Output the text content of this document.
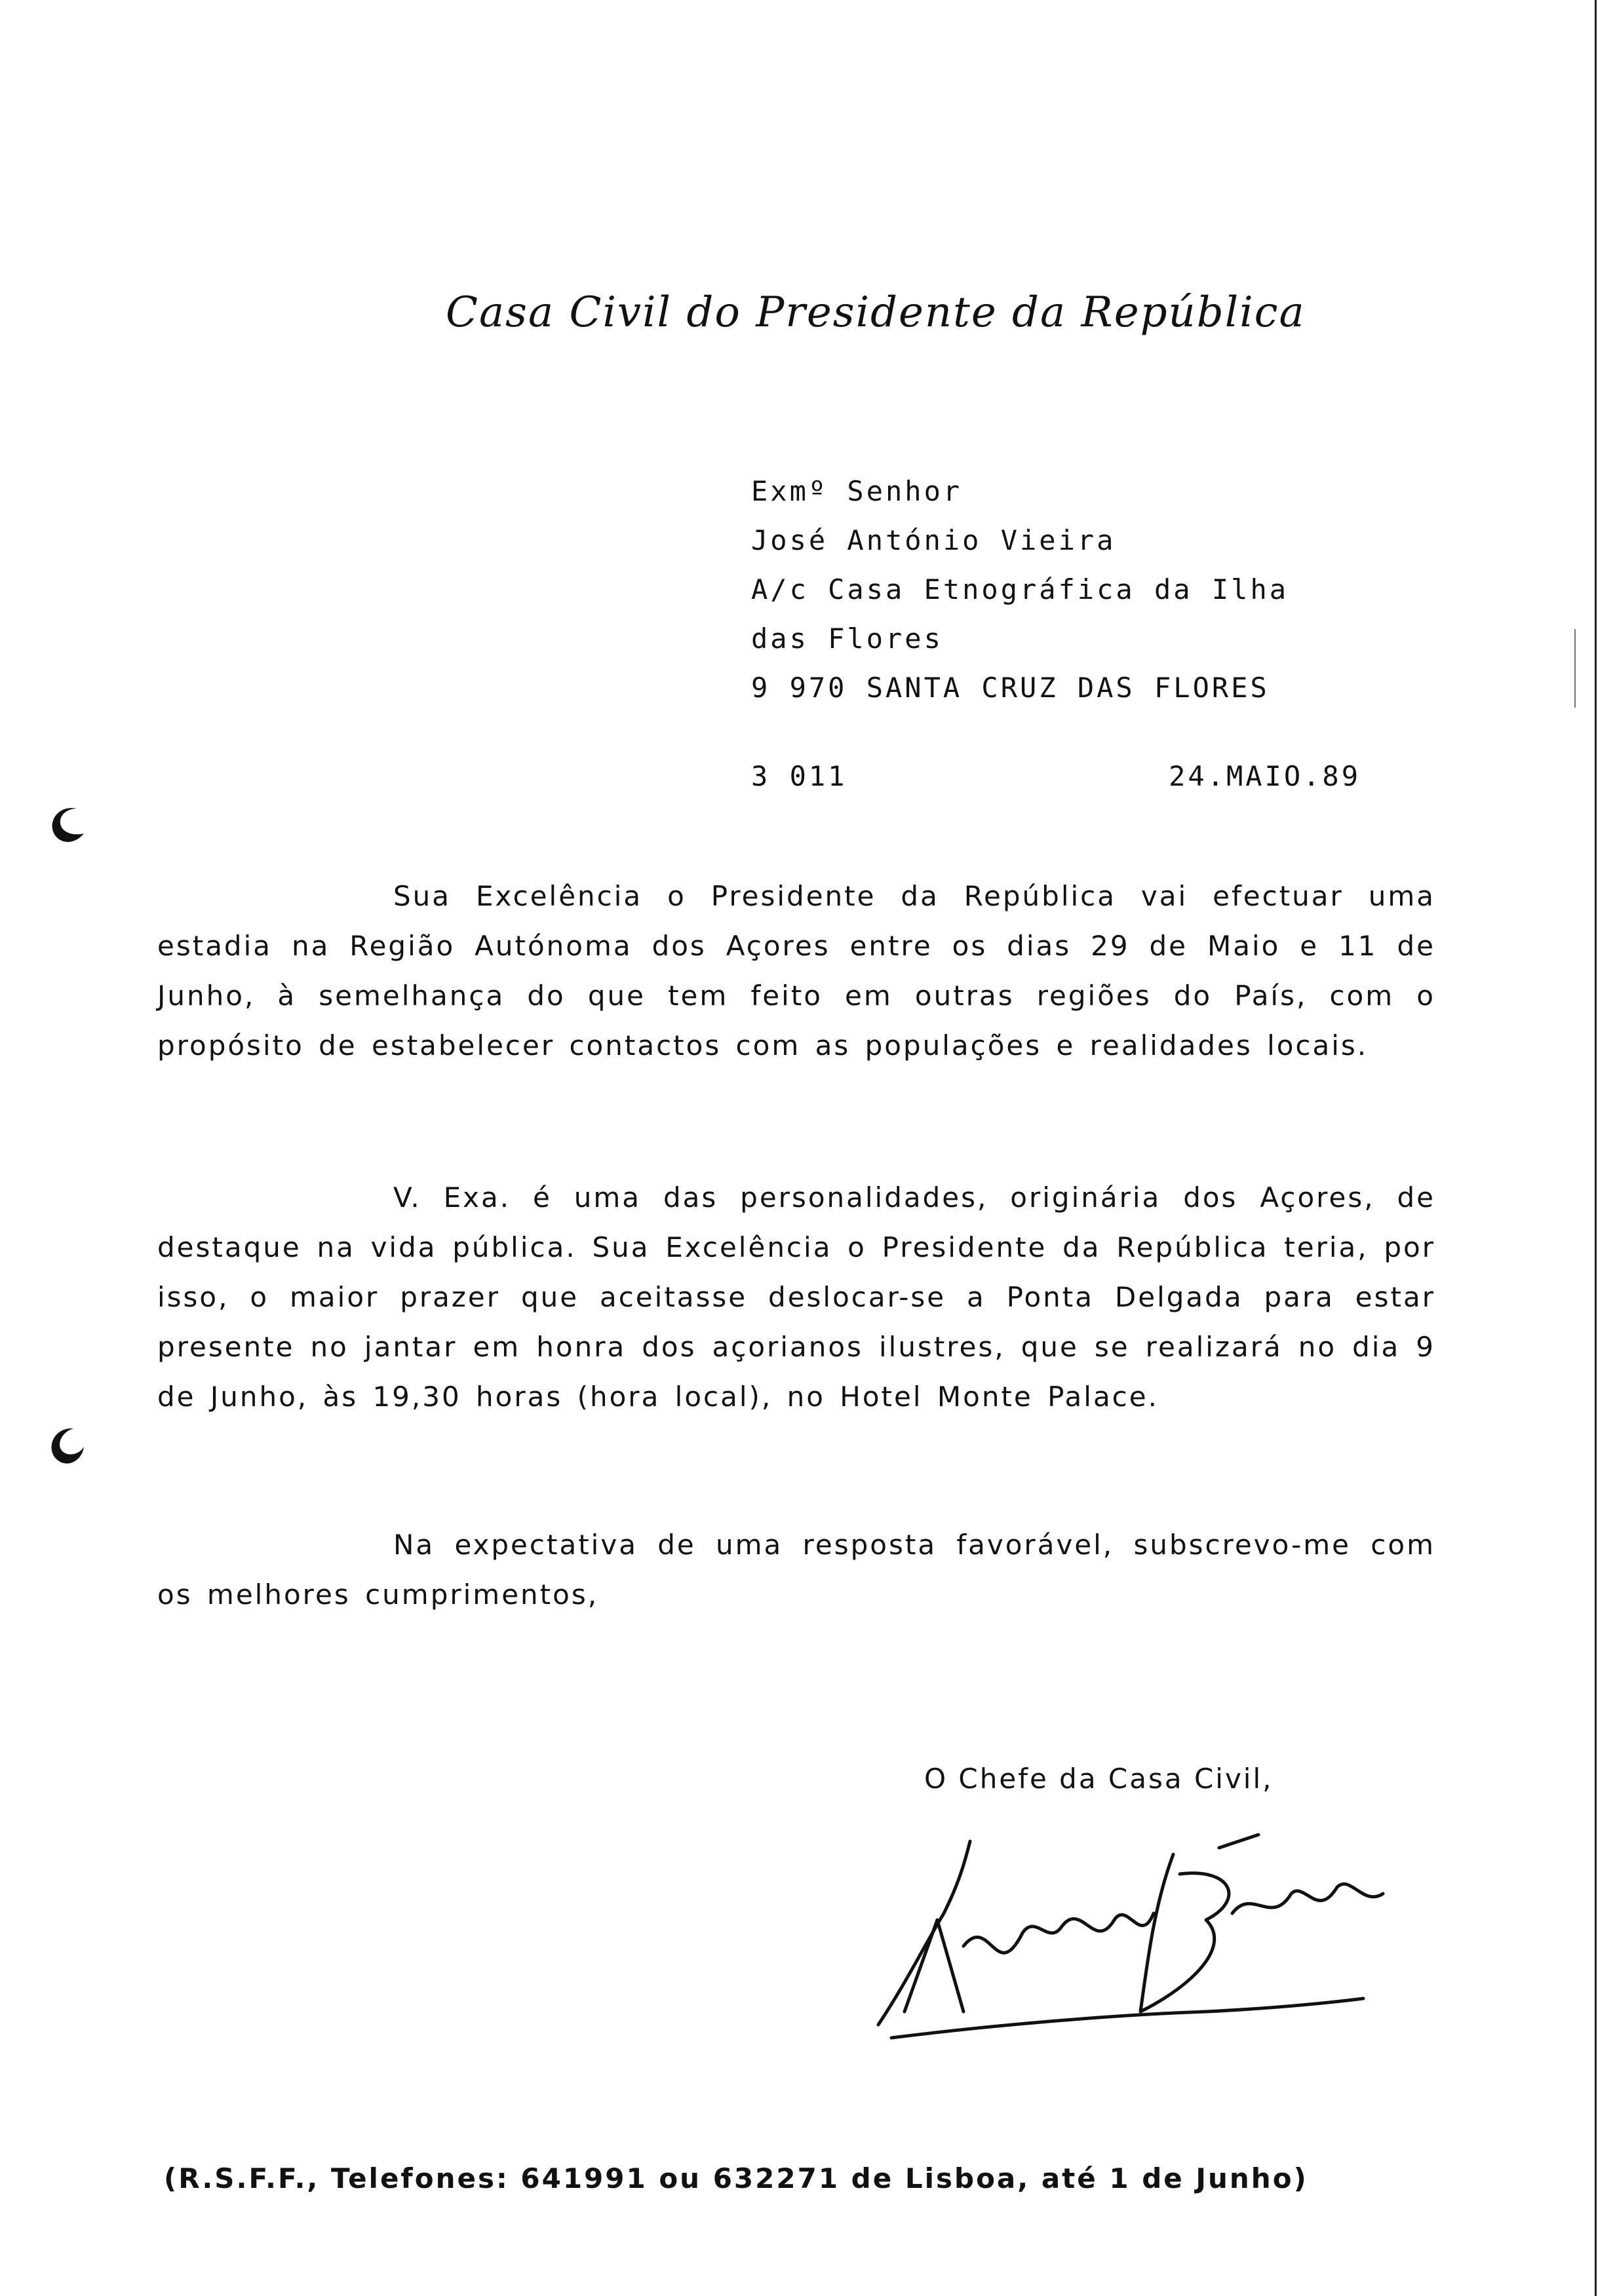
Casa Civil do Presidente da República
Exmº Senhor
José António Vieira
A/c Casa Etnográfica da Ilha
das Flores
9 970 SANTA CRUZ DAS FLORES
3 011	24.MAIO.89

Sua Excelência o Presidente da República vai efectuar uma estadia na Região Autónoma dos Açores entre os dias 29 de Maio e 11 de Junho, à semelhança do que tem feito em outras regiões do País, com o propósito de estabelecer contactos com as populações e realidades locais.

V. Exa. é uma das personalidades, originária dos Açores, de destaque na vida pública. Sua Excelência o Presidente da República teria, por isso, o maior prazer que aceitasse deslocar-se a Ponta Delgada para estar presente no jantar em honra dos açorianos ilustres, que se realizará no dia 9 de Junho, às 19,30 horas (hora local), no Hotel Monte Palace.

Na expectativa de uma resposta favorável, subscrevo-me com os melhores cumprimentos,

O Chefe da Casa Civil,
(R.S.F.F., Telefones: 641991 ou 632271 de Lisboa, até 1 de Junho)
